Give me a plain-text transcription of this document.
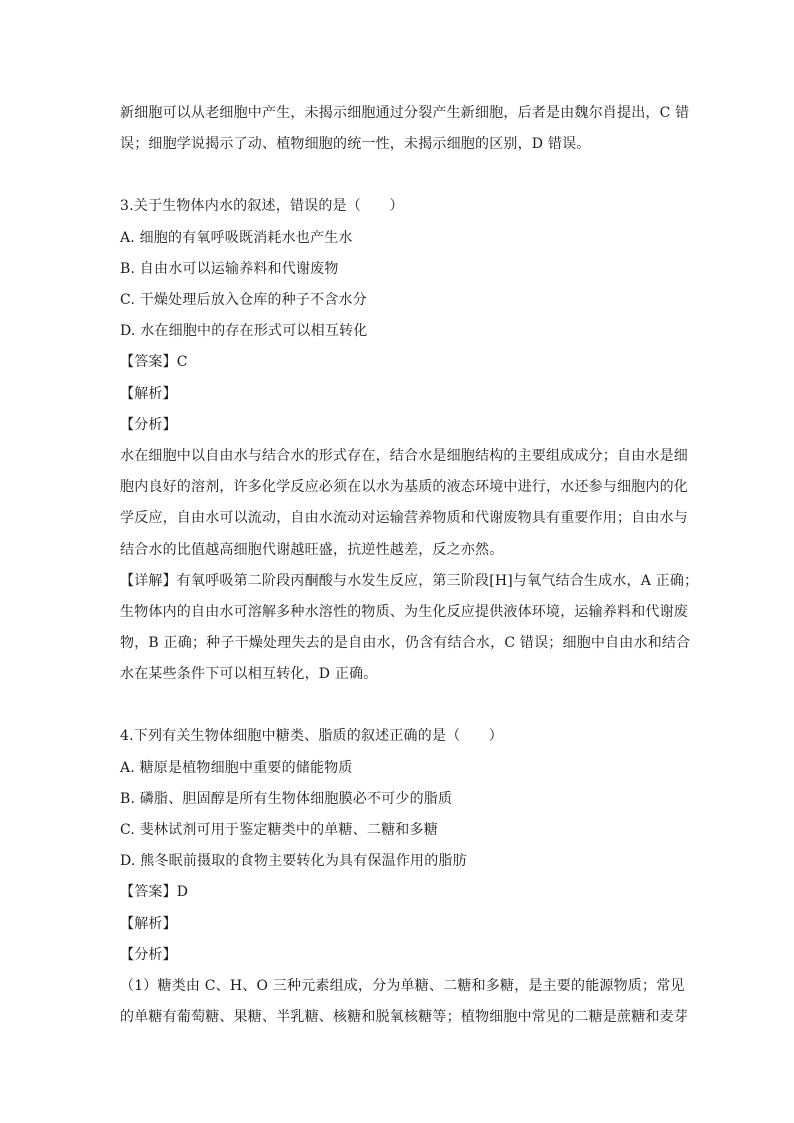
新细胞可以从老细胞中产生，未揭示细胞通过分裂产生新细胞，后者是由魏尔肖提出，C 错
误；细胞学说揭示了动、植物细胞的统一性，未揭示细胞的区别，D 错误。
3.关于生物体内水的叙述，错误的是（　　）
A. 细胞的有氧呼吸既消耗水也产生水
B. 自由水可以运输养料和代谢废物
C. 干燥处理后放入仓库的种子不含水分
D. 水在细胞中的存在形式可以相互转化
【答案】C
【解析】
【分析】
水在细胞中以自由水与结合水的形式存在，结合水是细胞结构的主要组成成分；自由水是细
胞内良好的溶剂，许多化学反应必须在以水为基质的液态环境中进行，水还参与细胞内的化
学反应，自由水可以流动，自由水流动对运输营养物质和代谢废物具有重要作用；自由水与
结合水的比值越高细胞代谢越旺盛，抗逆性越差，反之亦然。
【详解】有氧呼吸第二阶段丙酮酸与水发生反应，第三阶段[H]与氧气结合生成水，A 正确；
生物体内的自由水可溶解多种水溶性的物质、为生化反应提供液体环境，运输养料和代谢废
物，B 正确；种子干燥处理失去的是自由水，仍含有结合水，C 错误；细胞中自由水和结合
水在某些条件下可以相互转化，D 正确。
4.下列有关生物体细胞中糖类、脂质的叙述正确的是（　　）
A. 糖原是植物细胞中重要的储能物质
B. 磷脂、胆固醇是所有生物体细胞膜必不可少的脂质
C. 斐林试剂可用于鉴定糖类中的单糖、二糖和多糖
D. 熊冬眠前摄取的食物主要转化为具有保温作用的脂肪
【答案】D
【解析】
【分析】
（1）糖类由 C、H、O 三种元素组成，分为单糖、二糖和多糖，是主要的能源物质；常见
的单糖有葡萄糖、果糖、半乳糖、核糖和脱氧核糖等；植物细胞中常见的二糖是蔗糖和麦芽
